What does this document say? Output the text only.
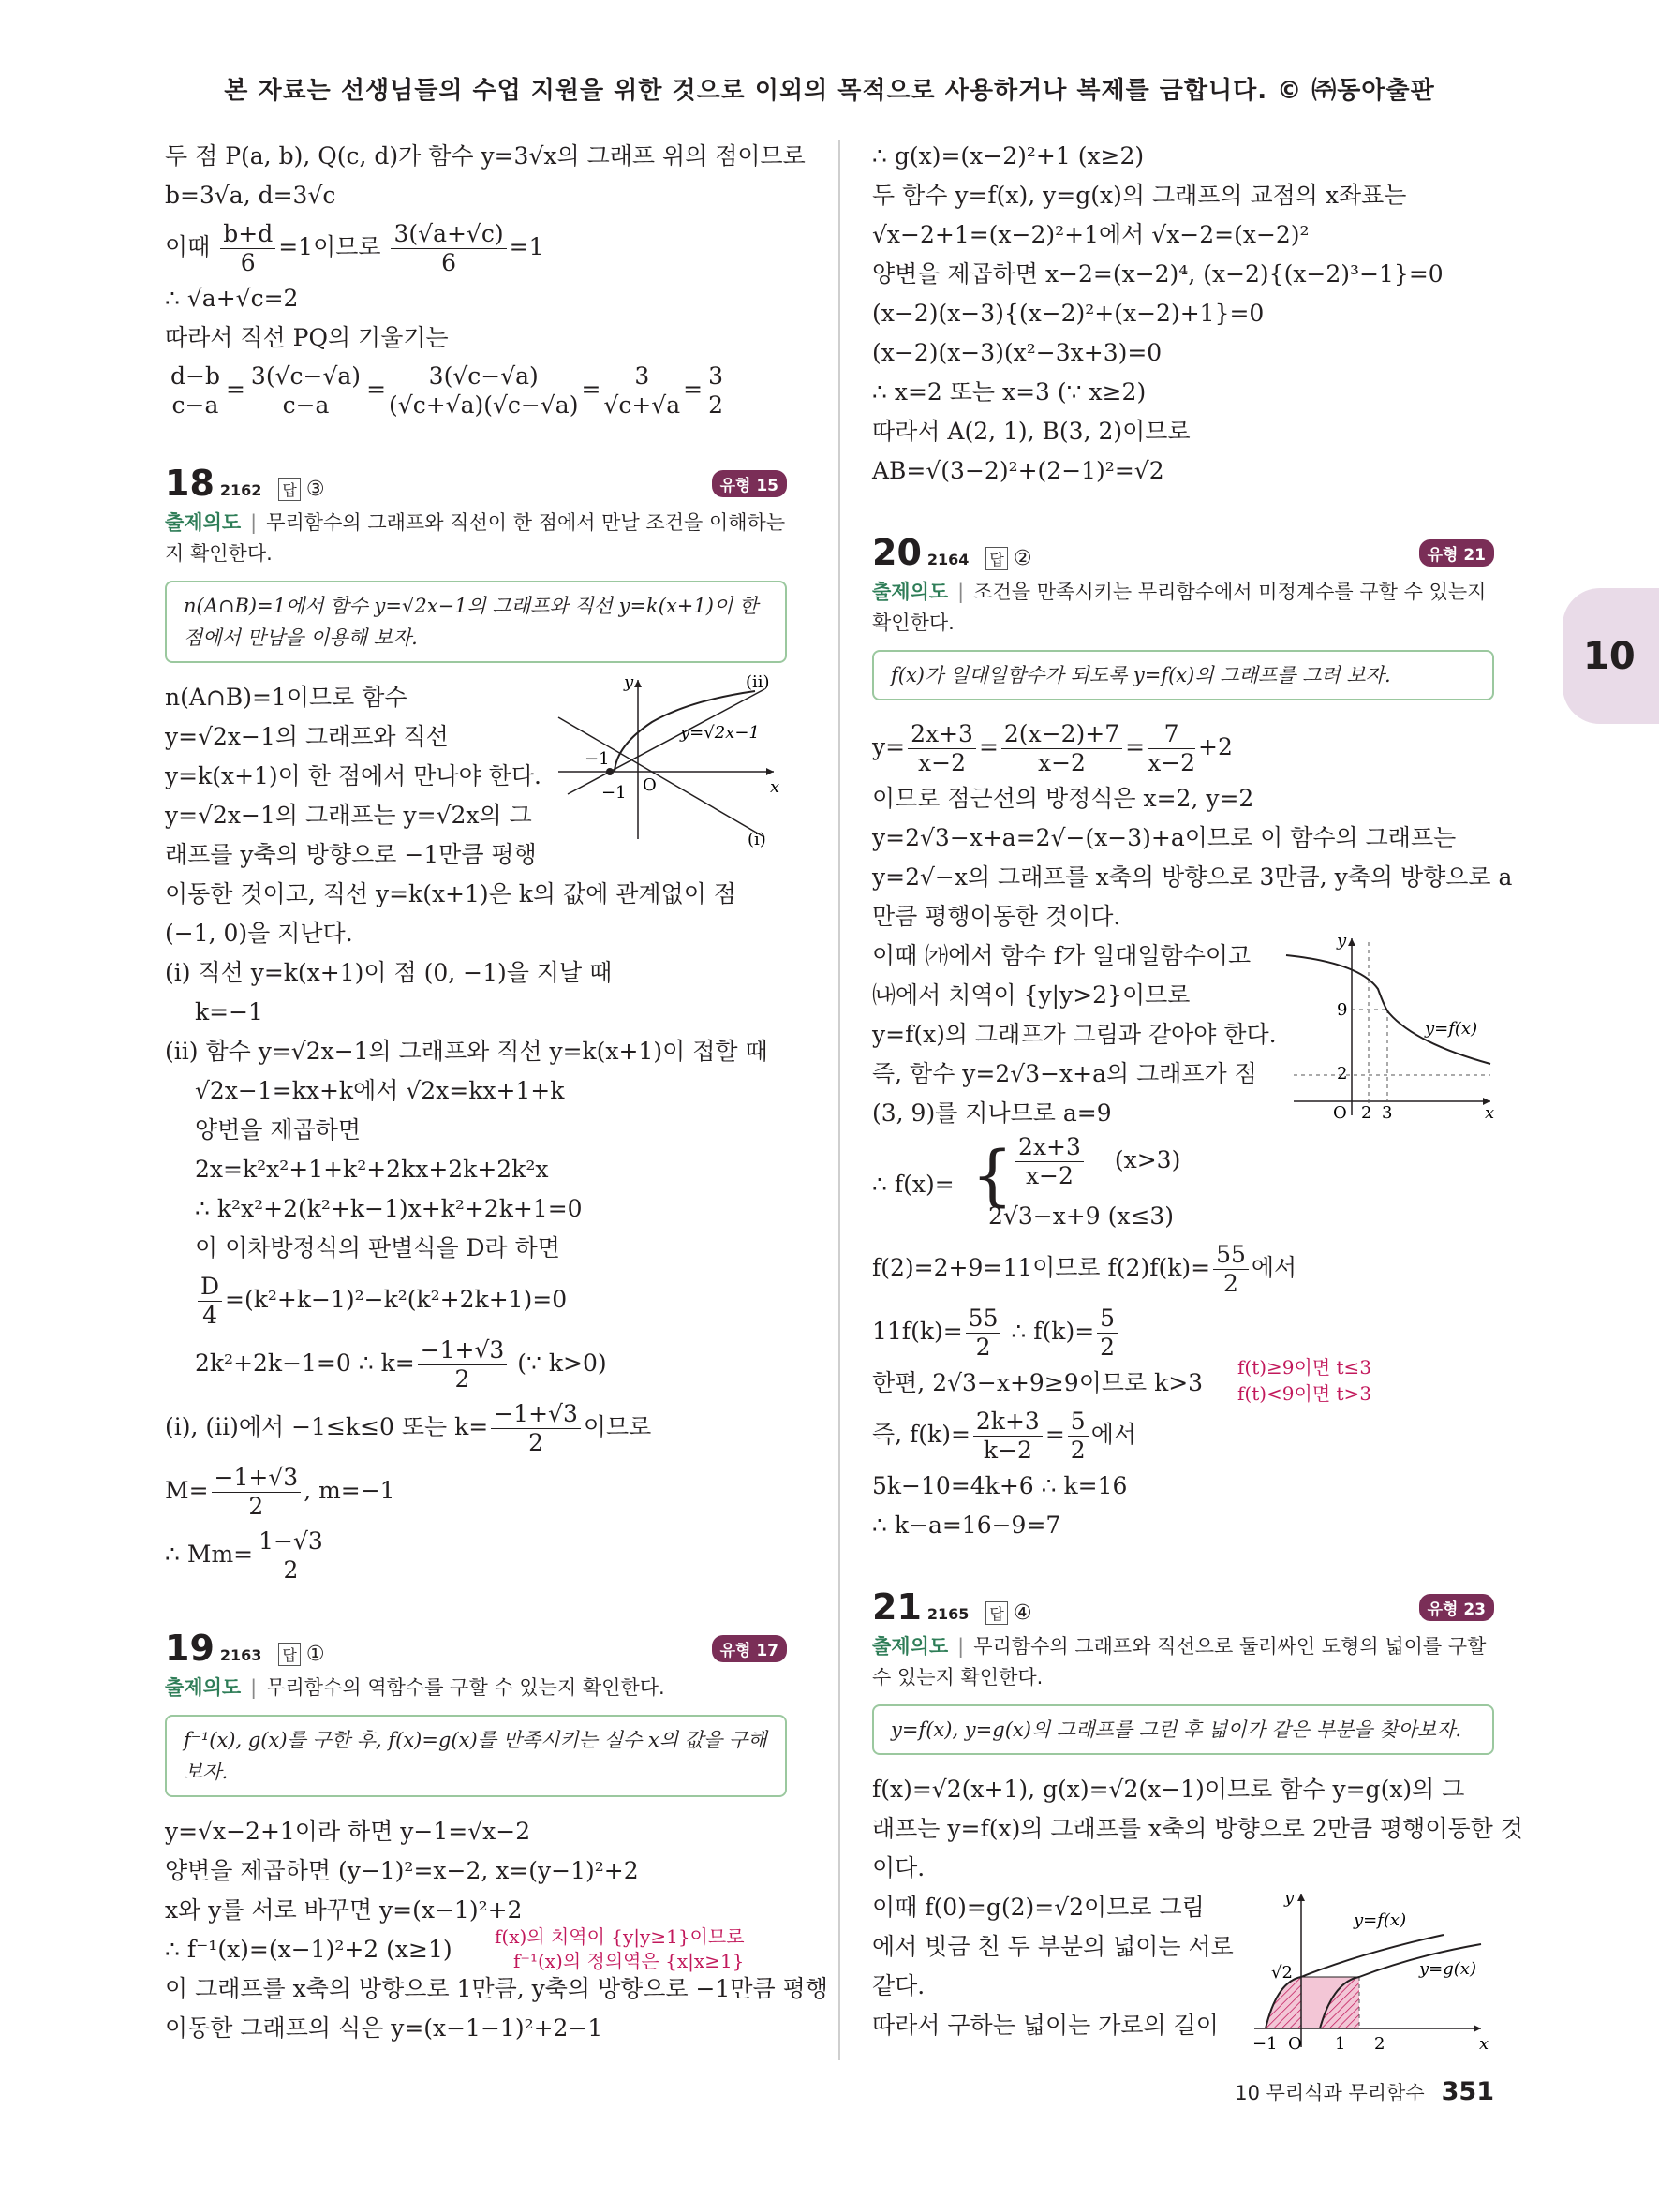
본 자료는 선생님들의 수업 지원을 위한 것으로 이외의 목적으로 사용하거나 복제를 금합니다. © ㈜동아출판
10
두 점 P(a, b), Q(c, d)가 함수 y=3√x의 그래프 위의 점이므로
b=3√a, d=3√c
이때 $\frac{b+d}{6} =1$이므로 $\frac{3(√a+√c)}{6} =1$
∴ √a+√c=2
따라서 직선 PQ의 기울기는
$\frac{d-b}{c-a} = \frac{3(√c-√a)}{c-a} = \frac{3(√c-√a)}{(√c+√a)(√c-√a)} = \frac{3}{√c+√a} = \frac{3}{2}$
18 2162 답 ③	유형 15
출제의도 | 무리함수의 그래프와 직선이 한 점에서 만날 조건을 이해하는지 확인한다.
n(A∩B)=1에서 함수 y=√2x−1의 그래프와 직선 y=k(x+1)이 한 점에서 만남을 이용해 보자.
n(A∩B)=1이므로 함수
y=√2x−1의 그래프와 직선
y=k(x+1)이 한 점에서 만나야 한다.
y=√2x−1의 그래프는 y=√2x의 그
래프를 y축의 방향으로 −1만큼 평행
이동한 것이고, 직선 y=k(x+1)은 k의 값에 관계없이 점
(−1, 0)을 지난다.
(i) 직선 y=k(x+1)이 점 (0, −1)을 지날 때
k=−1
(ii) 함수 y=√2x−1의 그래프와 직선 y=k(x+1)이 접할 때
√2x−1=kx+k에서 √2x=kx+1+k
양변을 제곱하면
2x=k²x²+1+k²+2kx+2k+2k²x
∴ k²x²+2(k²+k−1)x+k²+2k+1=0
이 이차방정식의 판별식을 D라 하면
$\frac{D}{4} =(k^2+k-1)^2-k^2(k^2+2k+1)=0$
2k²+2k−1=0 ∴ $k= \frac{-1+√3}{2}$ (∵ k>0)
(i), (ii)에서 −1≤k≤0 또는 $k= \frac{-1+√3}{2}$ 이므로
$M= \frac{-1+√3}{2}$ , m=−1
∴ $Mm= \frac{1-√3}{2}$
y
x
O
−1
−1
(ii)
(i)
y=√2x−1
19 2163 답 ①	유형 17
출제의도 | 무리함수의 역함수를 구할 수 있는지 확인한다.
f⁻¹(x), g(x)를 구한 후, f(x)=g(x)를 만족시키는 실수 x의 값을 구해 보자.
y=√x−2+1이라 하면 y−1=√x−2
양변을 제곱하면 (y−1)²=x−2, x=(y−1)²+2
x와 y를 서로 바꾸면 y=(x−1)²+2
∴ f⁻¹(x)=(x−1)²+2 (x≥1)	f(x)의 치역이 {y|y≥1}이므로
f⁻¹(x)의 정의역은 {x|x≥1}
이 그래프를 x축의 방향으로 1만큼, y축의 방향으로 −1만큼 평행
이동한 그래프의 식은 y=(x−1−1)²+2−1
∴ g(x)=(x−2)²+1 (x≥2)
두 함수 y=f(x), y=g(x)의 그래프의 교점의 x좌표는
√x−2+1=(x−2)²+1에서 √x−2=(x−2)²
양변을 제곱하면 x−2=(x−2)⁴, (x−2){(x−2)³−1}=0
(x−2)(x−3){(x−2)²+(x−2)+1}=0
(x−2)(x−3)(x²−3x+3)=0
∴ x=2 또는 x=3 (∵ x≥2)
따라서 A(2, 1), B(3, 2)이므로
AB=√(3−2)²+(2−1)²=√2
20 2164 답 ②	유형 21
출제의도 | 조건을 만족시키는 무리함수에서 미정계수를 구할 수 있는지 확인한다.
f(x)가 일대일함수가 되도록 y=f(x)의 그래프를 그려 보자.
$y= \frac{2x+3}{x-2} = \frac{2(x-2)+7}{x-2} = \frac{7}{x-2} +2$
이므로 점근선의 방정식은 x=2, y=2
y=2√3−x+a=2√−(x−3)+a이므로 이 함수의 그래프는
y=2√−x의 그래프를 x축의 방향으로 3만큼, y축의 방향으로 a
만큼 평행이동한 것이다.
이때 ㈎에서 함수 f가 일대일함수이고
㈏에서 치역이 {y|y>2}이므로
y=f(x)의 그래프가 그림과 같아야 한다.
즉, 함수 y=2√3−x+a의 그래프가 점
(3, 9)를 지나므로 a=9
y
x
O
9
2
2 3
y=f(x)
∴ f(x)= { $\frac{2x+3}{x-2} (x>3)$
2√3−x+9 (x≤3)
f(2)=2+9=11이므로 $f(2)f(k)= \frac{55}{2}$ 에서
$11f(k)= \frac{55}{2}$ ∴ $f(k)= \frac{5}{2}$
한편, 2√3−x+9≥9이므로 k>3
f(t)≥9이면 t≤3
f(t)<9이면 t>3
즉, $f(k)= \frac{2k+3}{k-2} = \frac{5}{2}$ 에서
5k−10=4k+6 ∴ k=16
∴ k−a=16−9=7
21 2165 답 ④	유형 23
출제의도 | 무리함수의 그래프와 직선으로 둘러싸인 도형의 넓이를 구할 수 있는지 확인한다.
y=f(x), y=g(x)의 그래프를 그린 후 넓이가 같은 부분을 찾아보자.
f(x)=√2(x+1), g(x)=√2(x−1)이므로 함수 y=g(x)의 그
래프는 y=f(x)의 그래프를 x축의 방향으로 2만큼 평행이동한 것
이다.
이때 f(0)=g(2)=√2이므로 그림
에서 빗금 친 두 부분의 넓이는 서로
같다.
따라서 구하는 넓이는 가로의 길이
y
x
O
−1	1 2
√2
y=f(x)
y=g(x)
10 무리식과 무리함수 351
